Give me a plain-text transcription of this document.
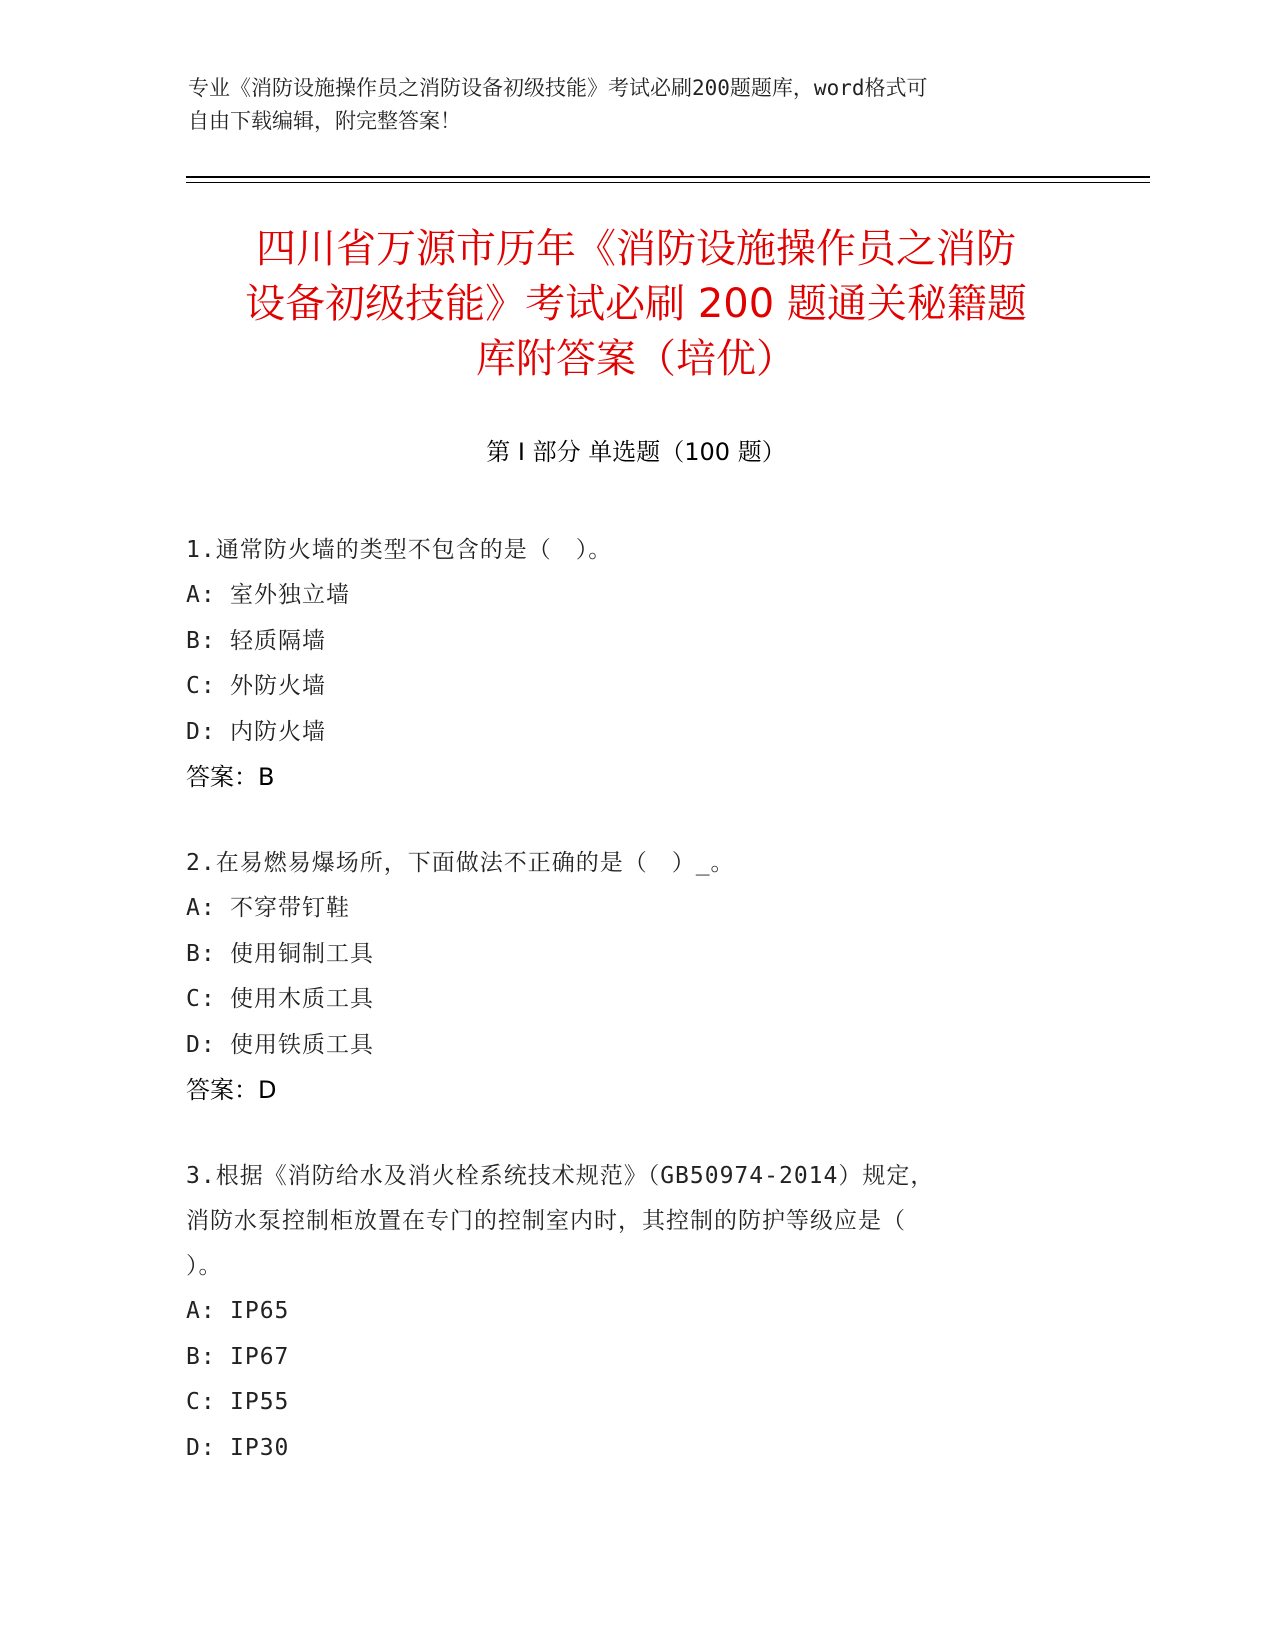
专业《消防设施操作员之消防设备初级技能》考试必刷200题题库，word格式可
自由下载编辑，附完整答案！
四川省万源市历年《消防设施操作员之消防
设备初级技能》考试必刷 200 题通关秘籍题
库附答案（培优）
第 I 部分 单选题（100 题）
1.通常防火墙的类型不包含的是（　）。
A: 室外独立墙
B: 轻质隔墙
C: 外防火墙
D: 内防火墙
答案：B
2.在易燃易爆场所，下面做法不正确的是（　）_。
A: 不穿带钉鞋
B: 使用铜制工具
C: 使用木质工具
D: 使用铁质工具
答案：D
3.根据《消防给水及消火栓系统技术规范》（GB50974-2014）规定，
消防水泵控制柜放置在专门的控制室内时，其控制的防护等级应是（
）。
A: IP65
B: IP67
C: IP55
D: IP30
